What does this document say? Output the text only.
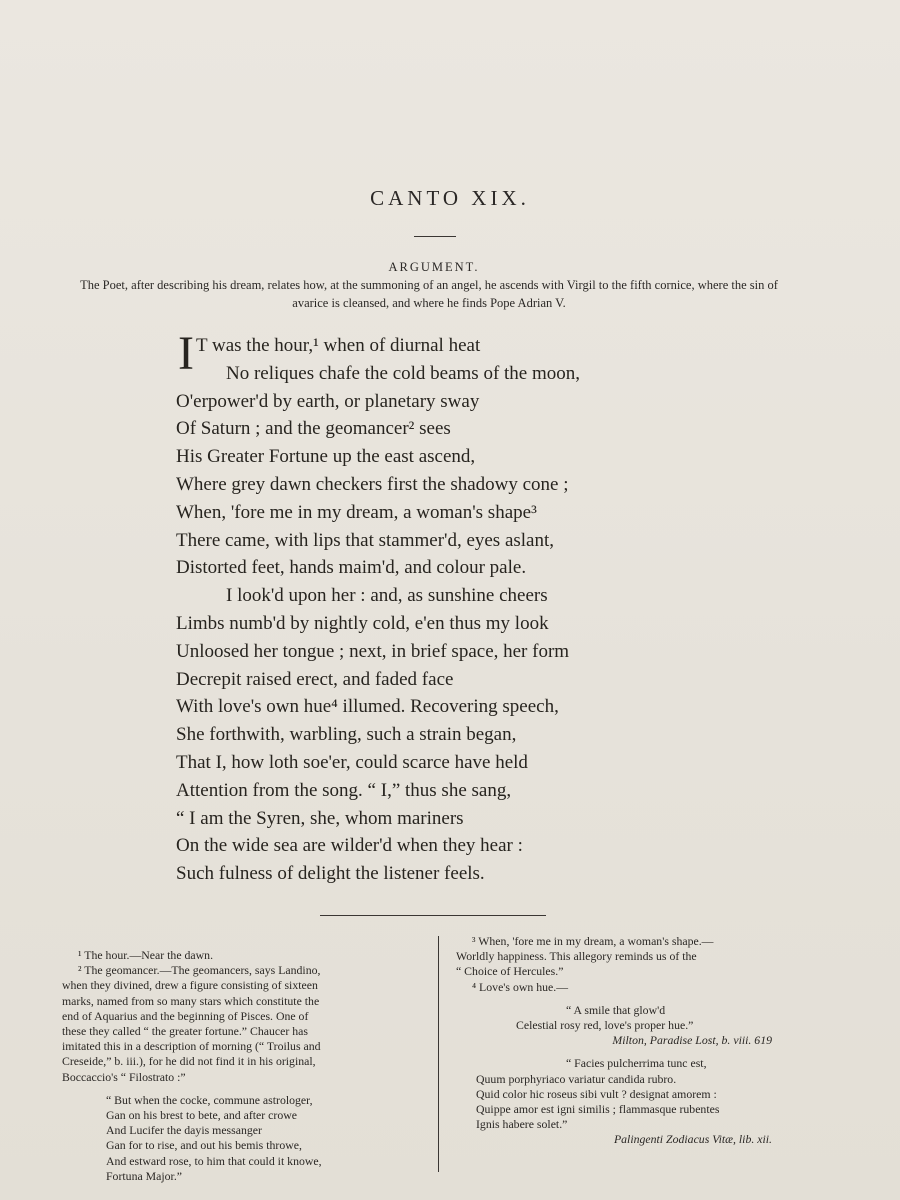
CANTO XIX.
ARGUMENT.
The Poet, after describing his dream, relates how, at the summoning of an angel, he ascends with Virgil to the fifth cornice, where the sin of avarice is cleansed, and where he finds Pope Adrian V.
I T was the hour,¹ when of diurnal heat
No reliques chafe the cold beams of the moon,
O'erpower'd by earth, or planetary sway
Of Saturn ; and the geomancer² sees
His Greater Fortune up the east ascend,
Where grey dawn checkers first the shadowy cone ;
When, 'fore me in my dream, a woman's shape³
There came, with lips that stammer'd, eyes aslant,
Distorted feet, hands maim'd, and colour pale.
I look'd upon her : and, as sunshine cheers
Limbs numb'd by nightly cold, e'en thus my look
Unloosed her tongue ; next, in brief space, her form
Decrepit raised erect, and faded face
With love's own hue⁴ illumed. Recovering speech,
She forthwith, warbling, such a strain began,
That I, how loth soe'er, could scarce have held
Attention from the song. “ I,” thus she sang,
“ I am the Syren, she, whom mariners
On the wide sea are wilder'd when they hear :
Such fulness of delight the listener feels.
¹ The hour.—Near the dawn.
² The geomancer.—The geomancers, says Landino,
when they divined, drew a figure consisting of sixteen
marks, named from so many stars which constitute the
end of Aquarius and the beginning of Pisces. One of
these they called “ the greater fortune.” Chaucer has
imitated this in a description of morning (“ Troilus and
Creseide,” b. iii.), for he did not find it in his original,
Boccaccio's “ Filostrato :”
“ But when the cocke, commune astrologer,
Gan on his brest to bete, and after crowe
And Lucifer the dayis messanger
Gan for to rise, and out his bemis throwe,
And estward rose, to him that could it knowe,
Fortuna Major.”
³ When, 'fore me in my dream, a woman's shape.—
Worldly happiness. This allegory reminds us of the
“ Choice of Hercules.”
⁴ Love's own hue.—
“ A smile that glow'd
Celestial rosy red, love's proper hue.”
Milton, Paradise Lost, b. viii. 619
“ Facies pulcherrima tunc est,
Quum porphyriaco variatur candida rubro.
Quid color hic roseus sibi vult ? designat amorem :
Quippe amor est igni similis ; flammasque rubentes
Ignis habere solet.”
Palingenti Zodiacus Vitæ, lib. xii.
